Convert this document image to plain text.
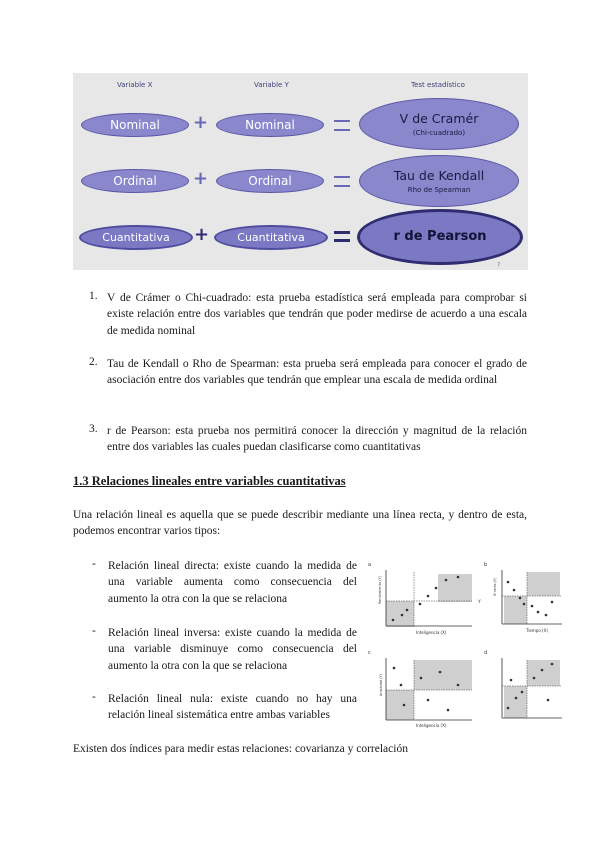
Variable X	Variable Y	Test estadístico
Nominal	+	Nominal	V de Cramér
(Chi-cuadrado)
Ordinal	+	Ordinal	Tau de Kendall
Rho de Spearman
Cuantitativa	+	Cuantitativa	r de Pearson
7
1. V de Crámer o Chi-cuadrado: esta prueba estadística será empleada para comprobar si existe relación entre dos variables que tendrán que poder medirse de acuerdo a una escala de medida nominal
2. Tau de Kendall o Rho de Spearman: esta prueba será empleada para conocer el grado de asociación entre dos variables que tendrán que emplear una escala de medida ordinal
3. r de Pearson: esta prueba nos permitirá conocer la dirección y magnitud de la relación entre dos variables las cuales puedan clasificarse como cuantitativas
1.3 Relaciones lineales entre variables cuantitativas
Una relación lineal es aquella que se puede describir mediante una línea recta, y dentro de esta, podemos encontrar varios tipos:
- Relación lineal directa: existe cuando la medida de una variable aumenta como consecuencia del aumento la otra con la que se relaciona
- Relación lineal inversa: existe cuando la medida de una variable disminuye como consecuencia del aumento la otra con la que se relaciona
- Relación lineal nula: existe cuando no hay una relación lineal sistemática entre ambas variables
a
Rendimiento (Y)
Inteligencia (X)
Y
b
Tiempo (X)
Errores (Y)
c
Ansiedad (Y)
Inteligencia (X)
d
Existen dos índices para medir estas relaciones: covarianza y correlación
